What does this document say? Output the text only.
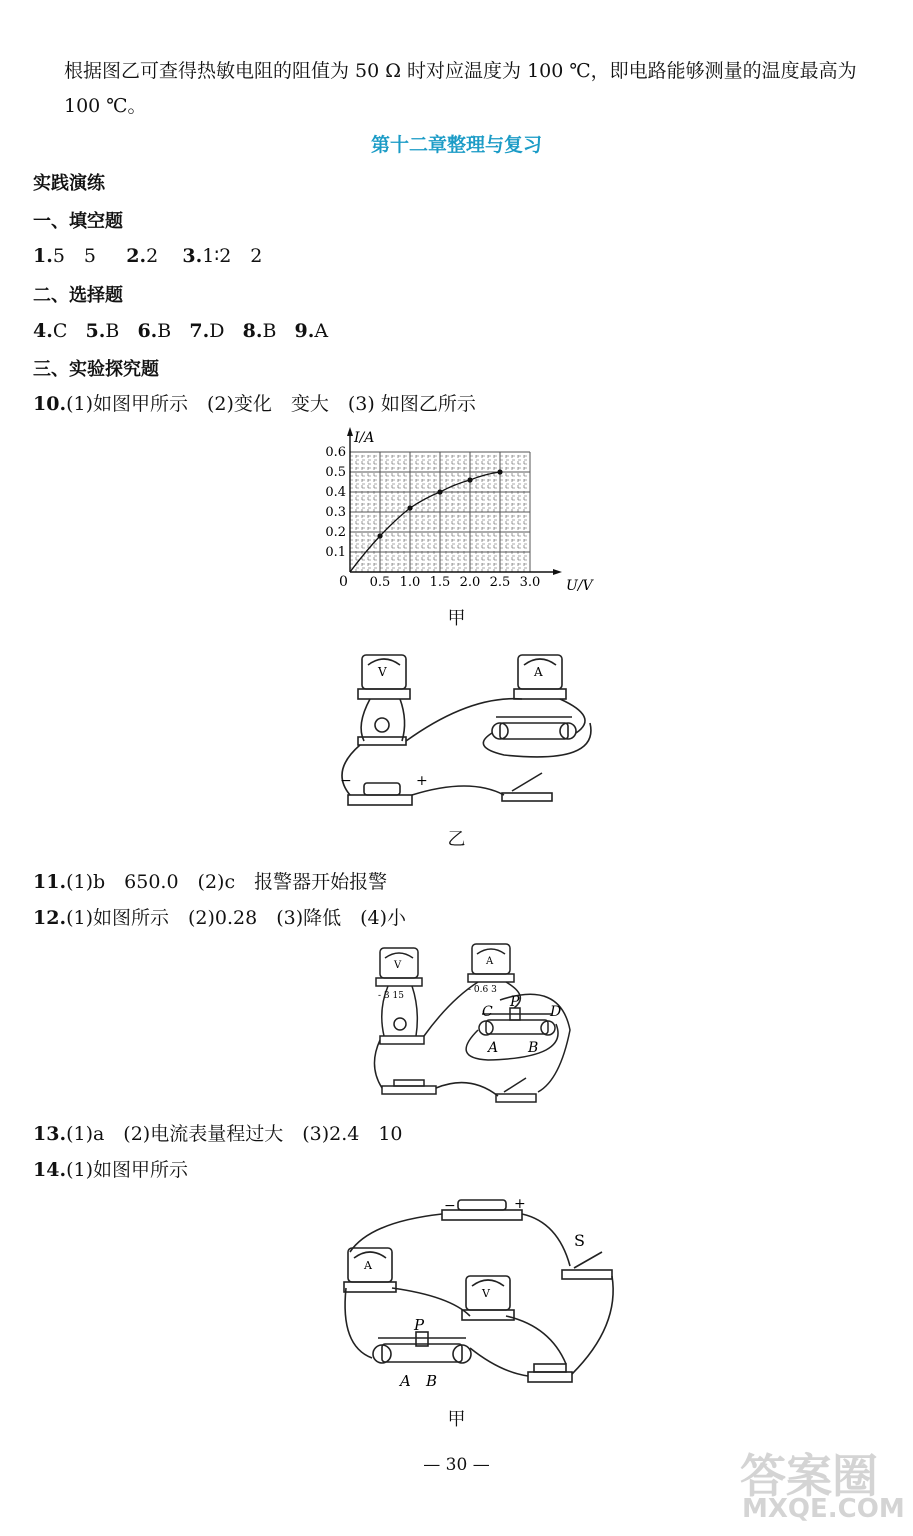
根据图乙可查得热敏电阻的阻值为 50 Ω 时对应温度为 100 ℃，即电路能够测量的温度最高为
100 ℃。
第十二章整理与复习
实践演练
一、填空题
1.5　5 2.2 3.1∶2　2
二、选择题
4.C 5.B 6.B 7.D 8.B 9.A
三、实验探究题
10.(1)如图甲所示　(2)变化　变大　(3) 如图乙所示
I/A
U/V
0 0.5 1.0 1.5 2.0 2.5 3.0
0.1
0.2
0.3
0.4
0.5
0.6
甲
V	A
−	+
乙
11.(1)b　650.0　(2)c　报警器开始报警
12.(1)如图所示　(2)0.28　(3)降低　(4)小
V	A
- 3 15
- 0.6 3
C
P
D
A B
13.(1)a　(2)电流表量程过大　(3)2.4　10
14.(1)如图甲所示
A
V
S
P
A B
−	+
甲
— 30 —	答案圈
MXQE.COM
